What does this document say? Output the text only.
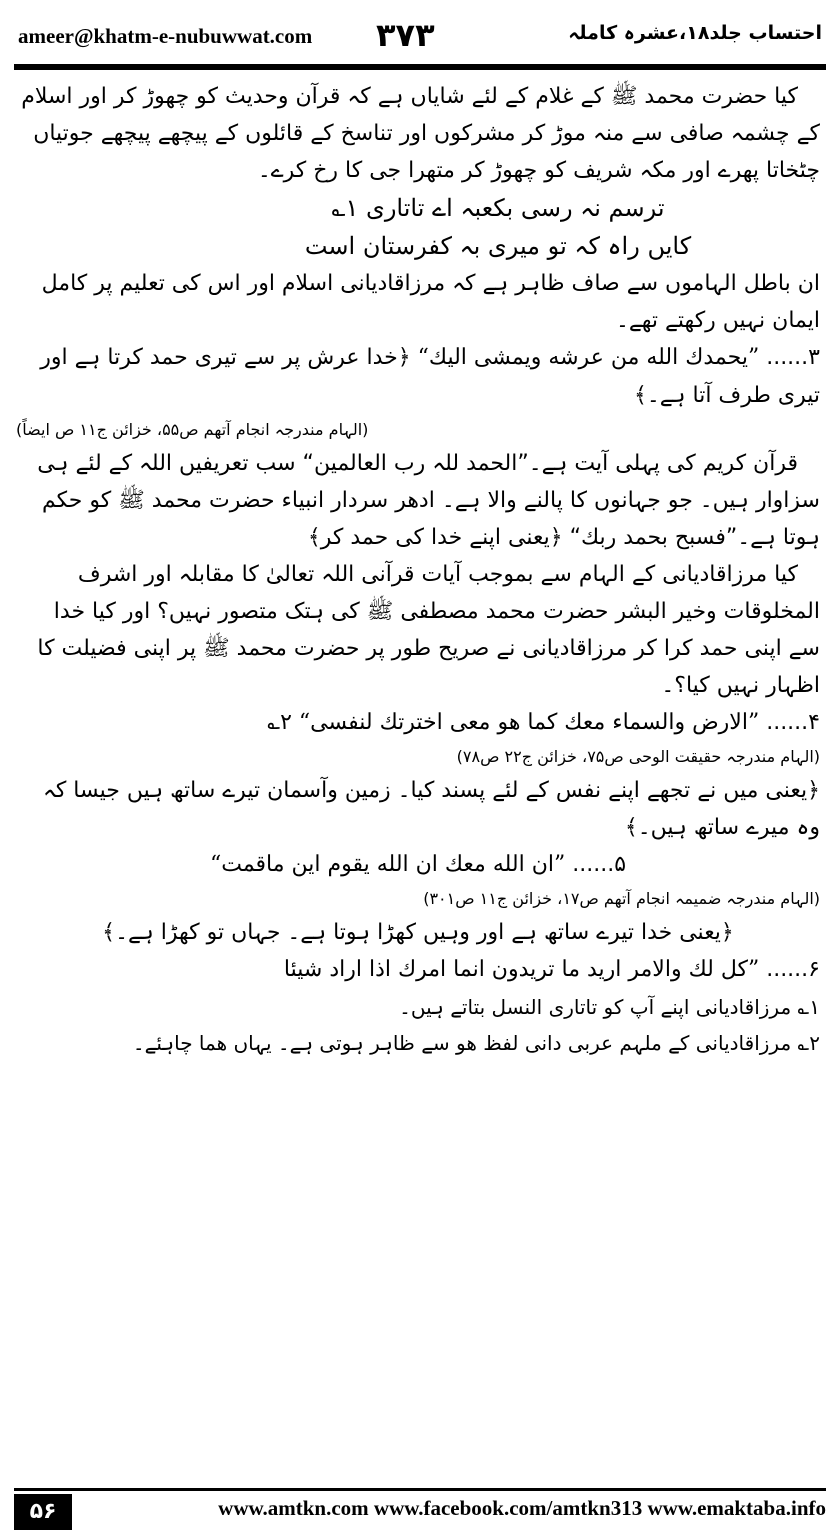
ameer@khatm-e-nubuwwat.com ۳۷۳	احتساب جلد۱۸،عشرہ کاملہ

کیا حضرت محمد ﷺ کے غلام کے لئے شایاں ہے کہ قرآن وحدیث کو چھوڑ کر اور اسلام کے چشمہ صافی سے منہ موڑ کر مشرکوں اور تناسخ کے قائلوں کے پیچھے پیچھے جوتیاں چٹخاتا پھرے اور مکہ شریف کو چھوڑ کر متھرا جی کا رخ کرے۔

ترسم نہ رسی بکعبہ اے تاتاری ۱؎

کایں راہ کہ تو میری بہ کفرستان است

ان باطل الہاموں سے صاف ظاہر ہے کہ مرزاقادیانی اسلام اور اس کی تعلیم پر کامل ایمان نہیں رکھتے تھے۔

۳...... ”یحمدك الله من عرشه ویمشی الیك“ ﴿خدا عرش پر سے تیری حمد کرتا ہے اور تیری طرف آتا ہے۔﴾

(الہام مندرجہ انجام آتھم ص۵۵، خزائن ج۱۱ ص ایضاً)

قرآن کریم کی پہلی آیت ہے۔”الحمد للہ رب العالمین“ سب تعریفیں اللہ کے لئے ہی سزاوار ہیں۔ جو جہانوں کا پالنے والا ہے۔ ادھر سردار انبیاء حضرت محمد ﷺ کو حکم ہوتا ہے۔”فسبح بحمد ربك“ ﴿یعنی اپنے خدا کی حمد کر﴾

کیا مرزاقادیانی کے الہام سے بموجب آیات قرآنی اللہ تعالیٰ کا مقابلہ اور اشرف المخلوقات وخیر البشر حضرت محمد مصطفی ﷺ کی ہتک متصور نہیں؟ اور کیا خدا سے اپنی حمد کرا کر مرزاقادیانی نے صریح طور پر حضرت محمد ﷺ پر اپنی فضیلت کا اظہار نہیں کیا؟۔

۴...... ”الارض والسماء معك كما هو معی اخترتك لنفسی“ ۲؎

(الہام مندرجہ حقیقت الوحی ص۷۵، خزائن ج۲۲ ص۷۸)

﴿یعنی میں نے تجھے اپنے نفس کے لئے پسند کیا۔ زمین وآسمان تیرے ساتھ ہیں جیسا کہ وہ میرے ساتھ ہیں۔﴾

۵...... ”ان الله معك ان الله یقوم این ماقمت“

(الہام مندرجہ ضمیمہ انجام آتھم ص۱۷، خزائن ج۱۱ ص۳۰۱)

﴿یعنی خدا تیرے ساتھ ہے اور وہیں کھڑا ہوتا ہے۔ جہاں تو کھڑا ہے۔﴾

۶...... ”كل لك والامر ارید ما تریدون انما امرك اذا اراد شیئا

۱؎ مرزاقادیانی اپنے آپ کو تاتاری النسل بتاتے ہیں۔

۲؎ مرزاقادیانی کے ملہم عربی دانی لفظ ھو سے ظاہر ہوتی ہے۔ یہاں ھما چاہئے۔

۵۶	www.amtkn.com www.facebook.com/amtkn313 www.emaktaba.info
